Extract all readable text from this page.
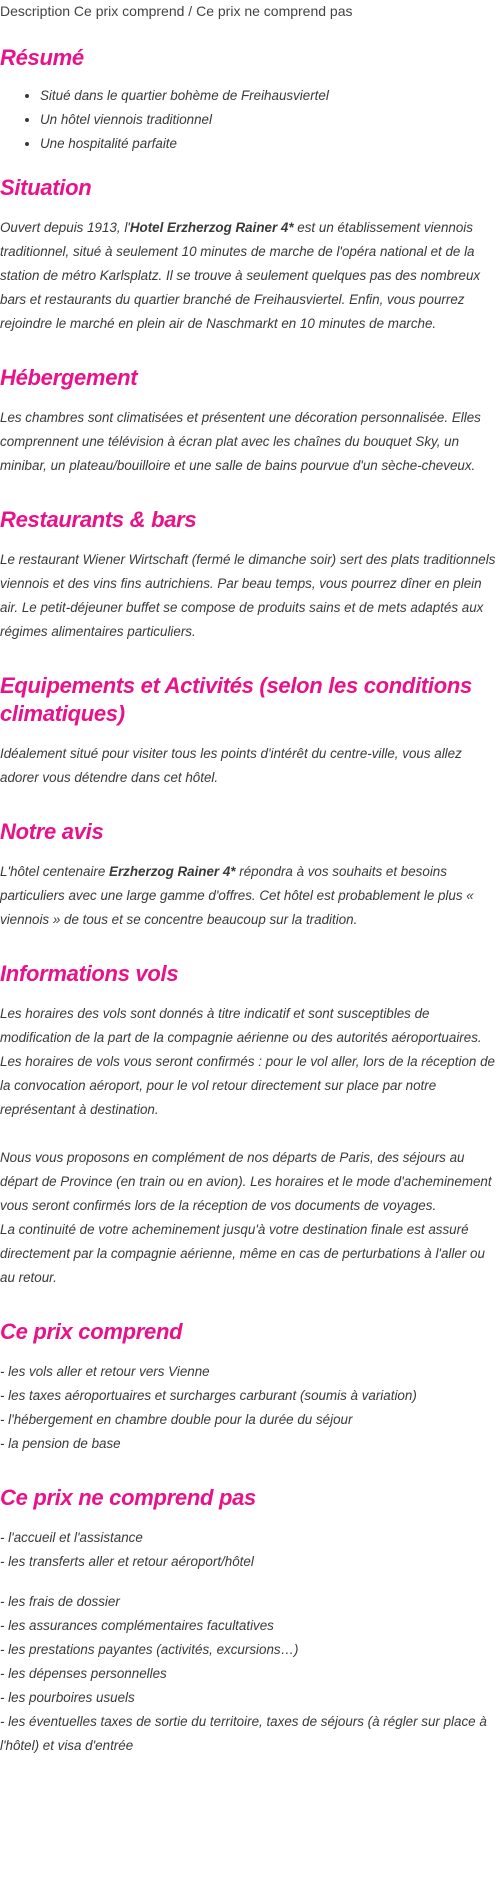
Description Ce prix comprend / Ce prix ne comprend pas
Résumé
• Situé dans le quartier bohème de Freihausviertel
• Un hôtel viennois traditionnel
• Une hospitalité parfaite
Situation

Ouvert depuis 1913, l'Hotel Erzherzog Rainer 4* est un établissement viennois traditionnel, situé à seulement 10 minutes de marche de l'opéra national et de la station de métro Karlsplatz. Il se trouve à seulement quelques pas des nombreux bars et restaurants du quartier branché de Freihausviertel. Enfin, vous pourrez rejoindre le marché en plein air de Naschmarkt en 10 minutes de marche.

Hébergement

Les chambres sont climatisées et présentent une décoration personnalisée. Elles comprennent une télévision à écran plat avec les chaînes du bouquet Sky, un minibar, un plateau/bouilloire et une salle de bains pourvue d'un sèche-cheveux.

Restaurants & bars

Le restaurant Wiener Wirtschaft (fermé le dimanche soir) sert des plats traditionnels viennois et des vins fins autrichiens. Par beau temps, vous pourrez dîner en plein air. Le petit-déjeuner buffet se compose de produits sains et de mets adaptés aux régimes alimentaires particuliers.

Equipements et Activités (selon les conditions climatiques)

Idéalement situé pour visiter tous les points d'intérêt du centre-ville, vous allez adorer vous détendre dans cet hôtel.

Notre avis

L'hôtel centenaire Erzherzog Rainer 4* répondra à vos souhaits et besoins particuliers avec une large gamme d'offres. Cet hôtel est probablement le plus « viennois » de tous et se concentre beaucoup sur la tradition.

Informations vols
Les horaires des vols sont donnés à titre indicatif et sont susceptibles de modification de la part de la compagnie aérienne ou des autorités aéroportuaires.
Les horaires de vols vous seront confirmés : pour le vol aller, lors de la réception de la convocation aéroport, pour le vol retour directement sur place par notre représentant à destination.
Nous vous proposons en complément de nos départs de Paris, des séjours au départ de Province (en train ou en avion). Les horaires et le mode d'acheminement vous seront confirmés lors de la réception de vos documents de voyages.
La continuité de votre acheminement jusqu'à votre destination finale est assuré directement par la compagnie aérienne, même en cas de perturbations à l'aller ou au retour.
Ce prix comprend
- les vols aller et retour vers Vienne
- les taxes aéroportuaires et surcharges carburant (soumis à variation)
- l'hébergement en chambre double pour la durée du séjour
- la pension de base
Ce prix ne comprend pas
- l'accueil et l'assistance
- les transferts aller et retour aéroport/hôtel
- les frais de dossier
- les assurances complémentaires facultatives
- les prestations payantes (activités, excursions…)
- les dépenses personnelles
- les pourboires usuels
- les éventuelles taxes de sortie du territoire, taxes de séjours (à régler sur place à l'hôtel) et visa d'entrée
